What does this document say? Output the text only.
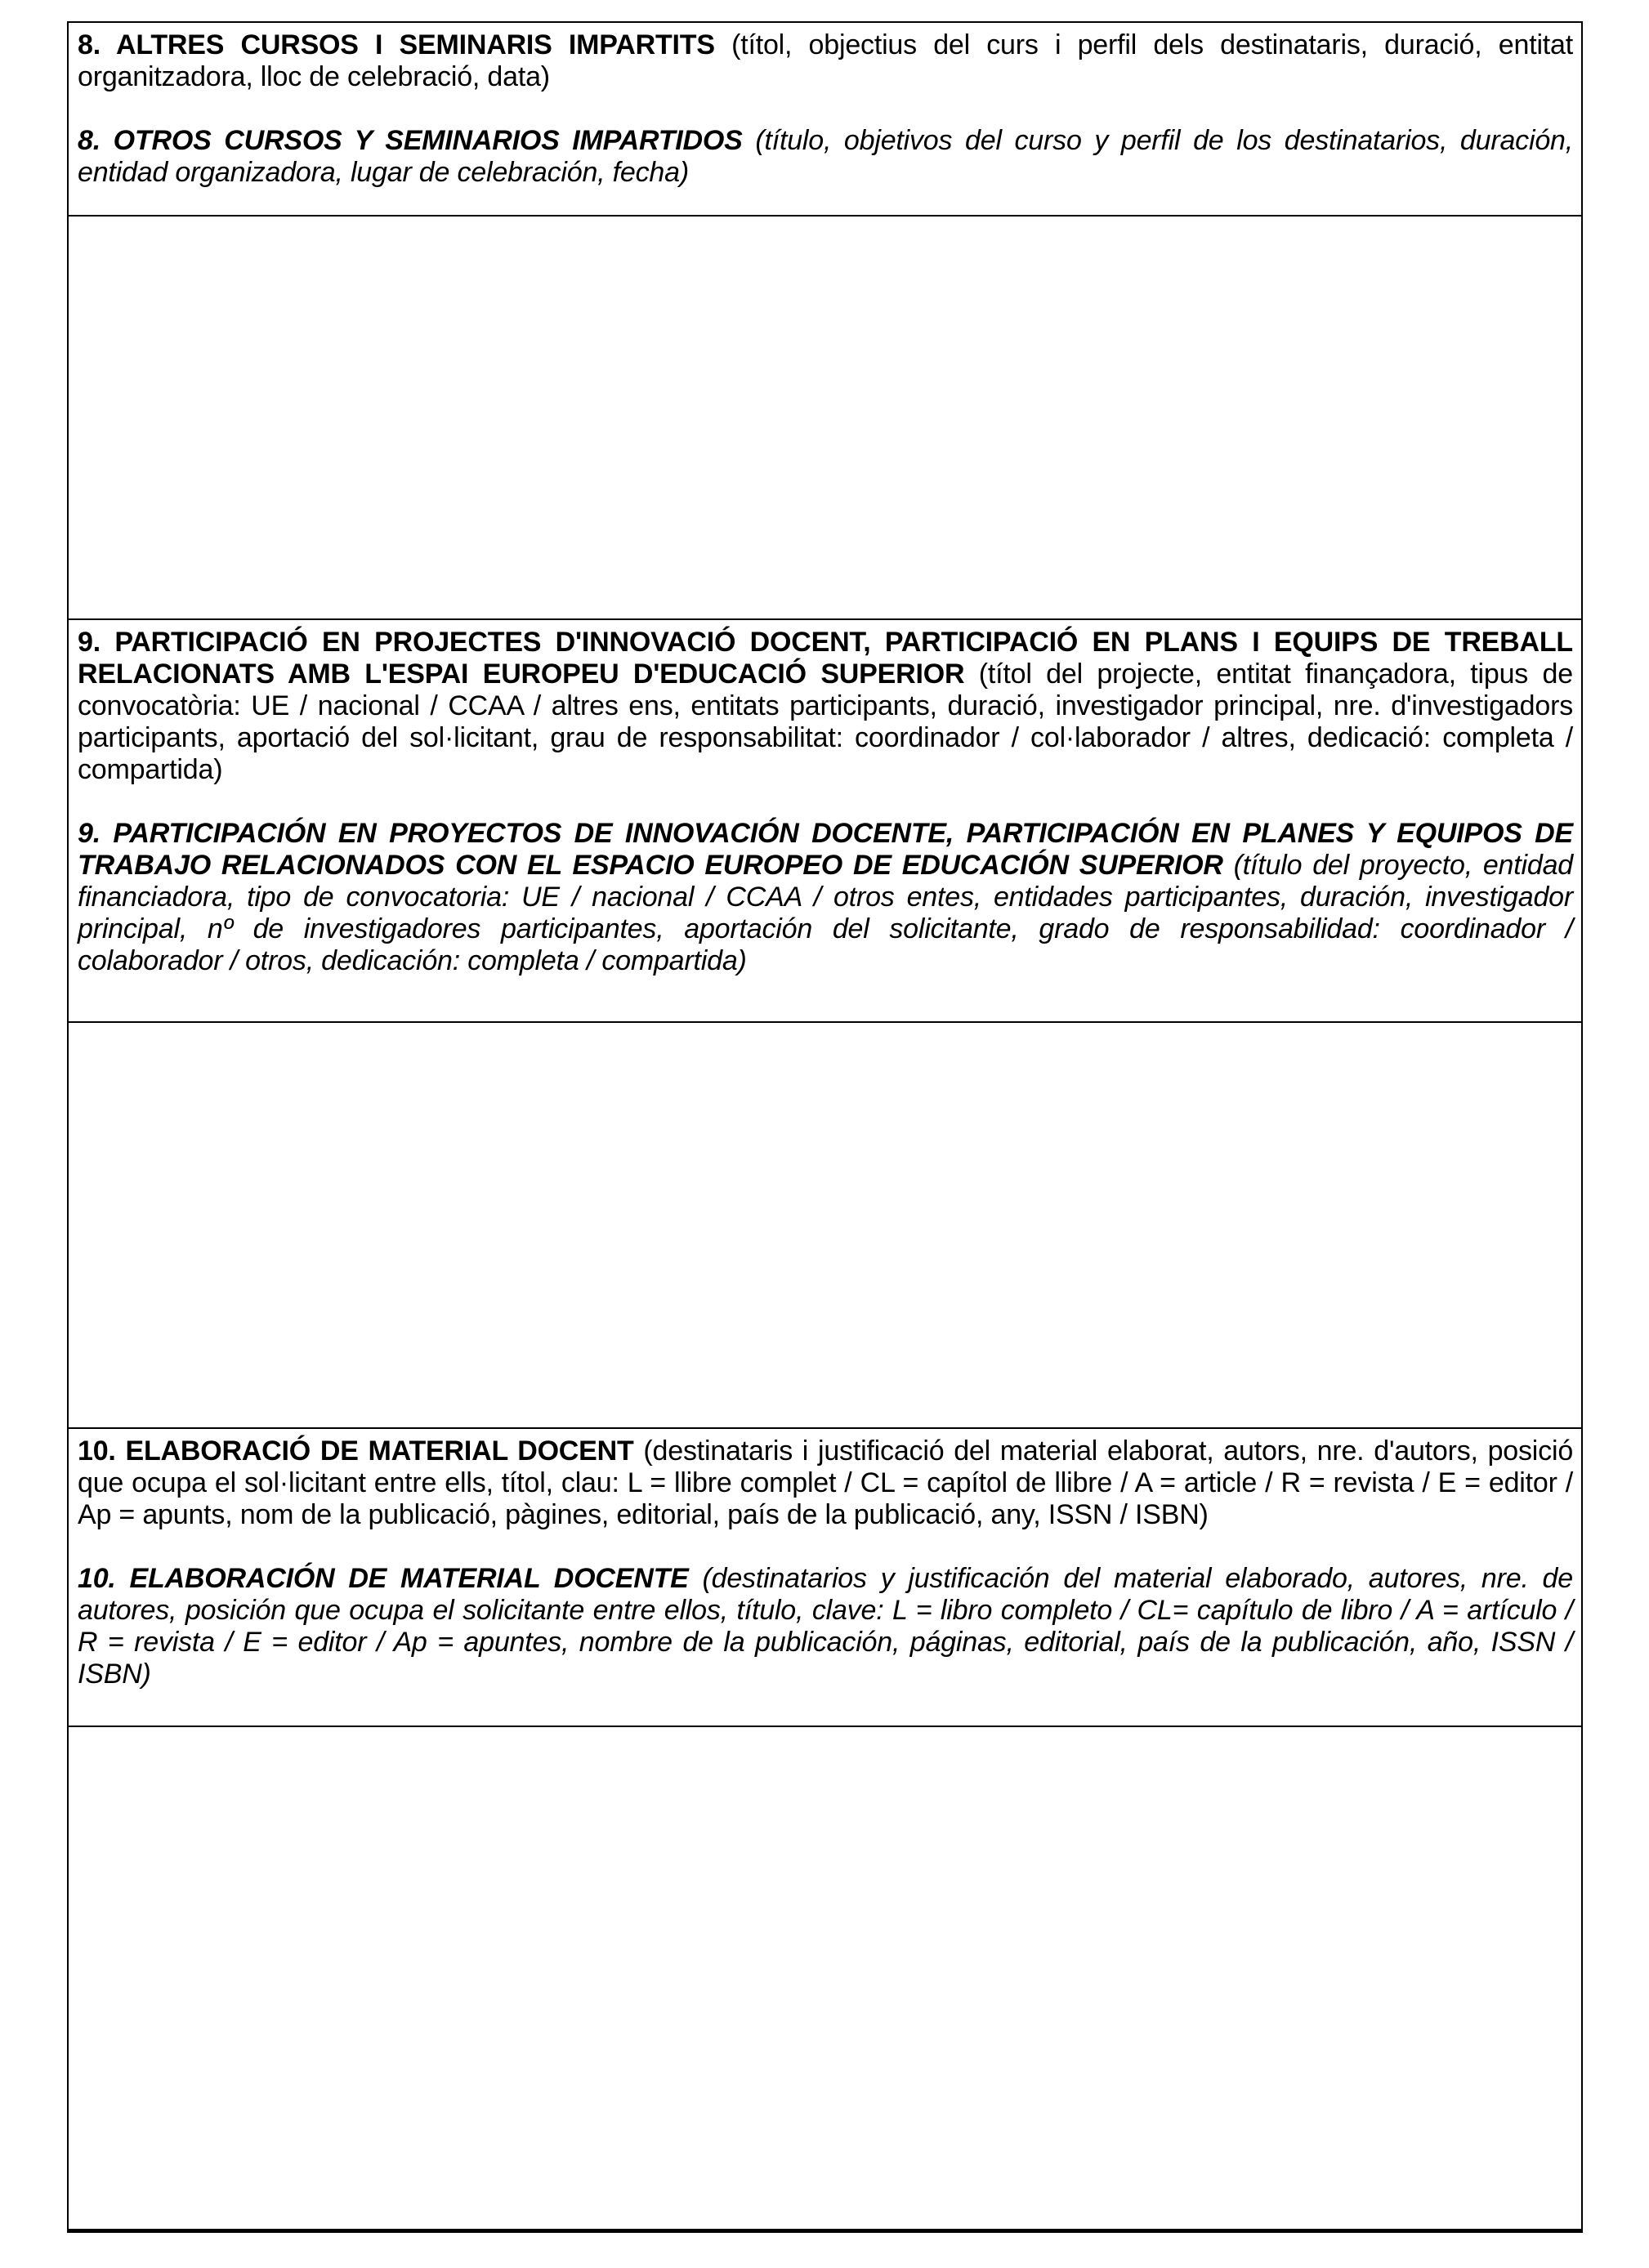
8. ALTRES CURSOS I SEMINARIS IMPARTITS (títol, objectius del curs i perfil dels destinataris, duració, entitat organitzadora, lloc de celebració, data)

8. OTROS CURSOS Y SEMINARIOS IMPARTIDOS (título, objetivos del curso y perfil de los destinatarios, duración, entidad organizadora, lugar de celebración, fecha)

9. PARTICIPACIÓ EN PROJECTES D'INNOVACIÓ DOCENT, PARTICIPACIÓ EN PLANS I EQUIPS DE TREBALL RELACIONATS AMB L'ESPAI EUROPEU D'EDUCACIÓ SUPERIOR (títol del projecte, entitat finançadora, tipus de convocatòria: UE / nacional / CCAA / altres ens, entitats participants, duració, investigador principal, nre. d'investigadors participants, aportació del sol·licitant, grau de responsabilitat: coordinador / col·laborador / altres, dedicació: completa / compartida)

9. PARTICIPACIÓN EN PROYECTOS DE INNOVACIÓN DOCENTE, PARTICIPACIÓN EN PLANES Y EQUIPOS DE TRABAJO RELACIONADOS CON EL ESPACIO EUROPEO DE EDUCACIÓN SUPERIOR (título del proyecto, entidad financiadora, tipo de convocatoria: UE / nacional / CCAA / otros entes, entidades participantes, duración, investigador principal, nº de investigadores participantes, aportación del solicitante, grado de responsabilidad: coordinador / colaborador / otros, dedicación: completa / compartida)

10. ELABORACIÓ DE MATERIAL DOCENT (destinataris i justificació del material elaborat, autors, nre. d'autors, posició que ocupa el sol·licitant entre ells, títol, clau: L = llibre complet / CL = capítol de llibre / A = article / R = revista / E = editor / Ap = apunts, nom de la publicació, pàgines, editorial, país de la publicació, any, ISSN / ISBN)

10. ELABORACIÓN DE MATERIAL DOCENTE (destinatarios y justificación del material elaborado, autores, nre. de autores, posición que ocupa el solicitante entre ellos, título, clave: L = libro completo / CL= capítulo de libro / A = artículo / R = revista / E = editor / Ap = apuntes, nombre de la publicación, páginas, editorial, país de la publicación, año, ISSN / ISBN)
